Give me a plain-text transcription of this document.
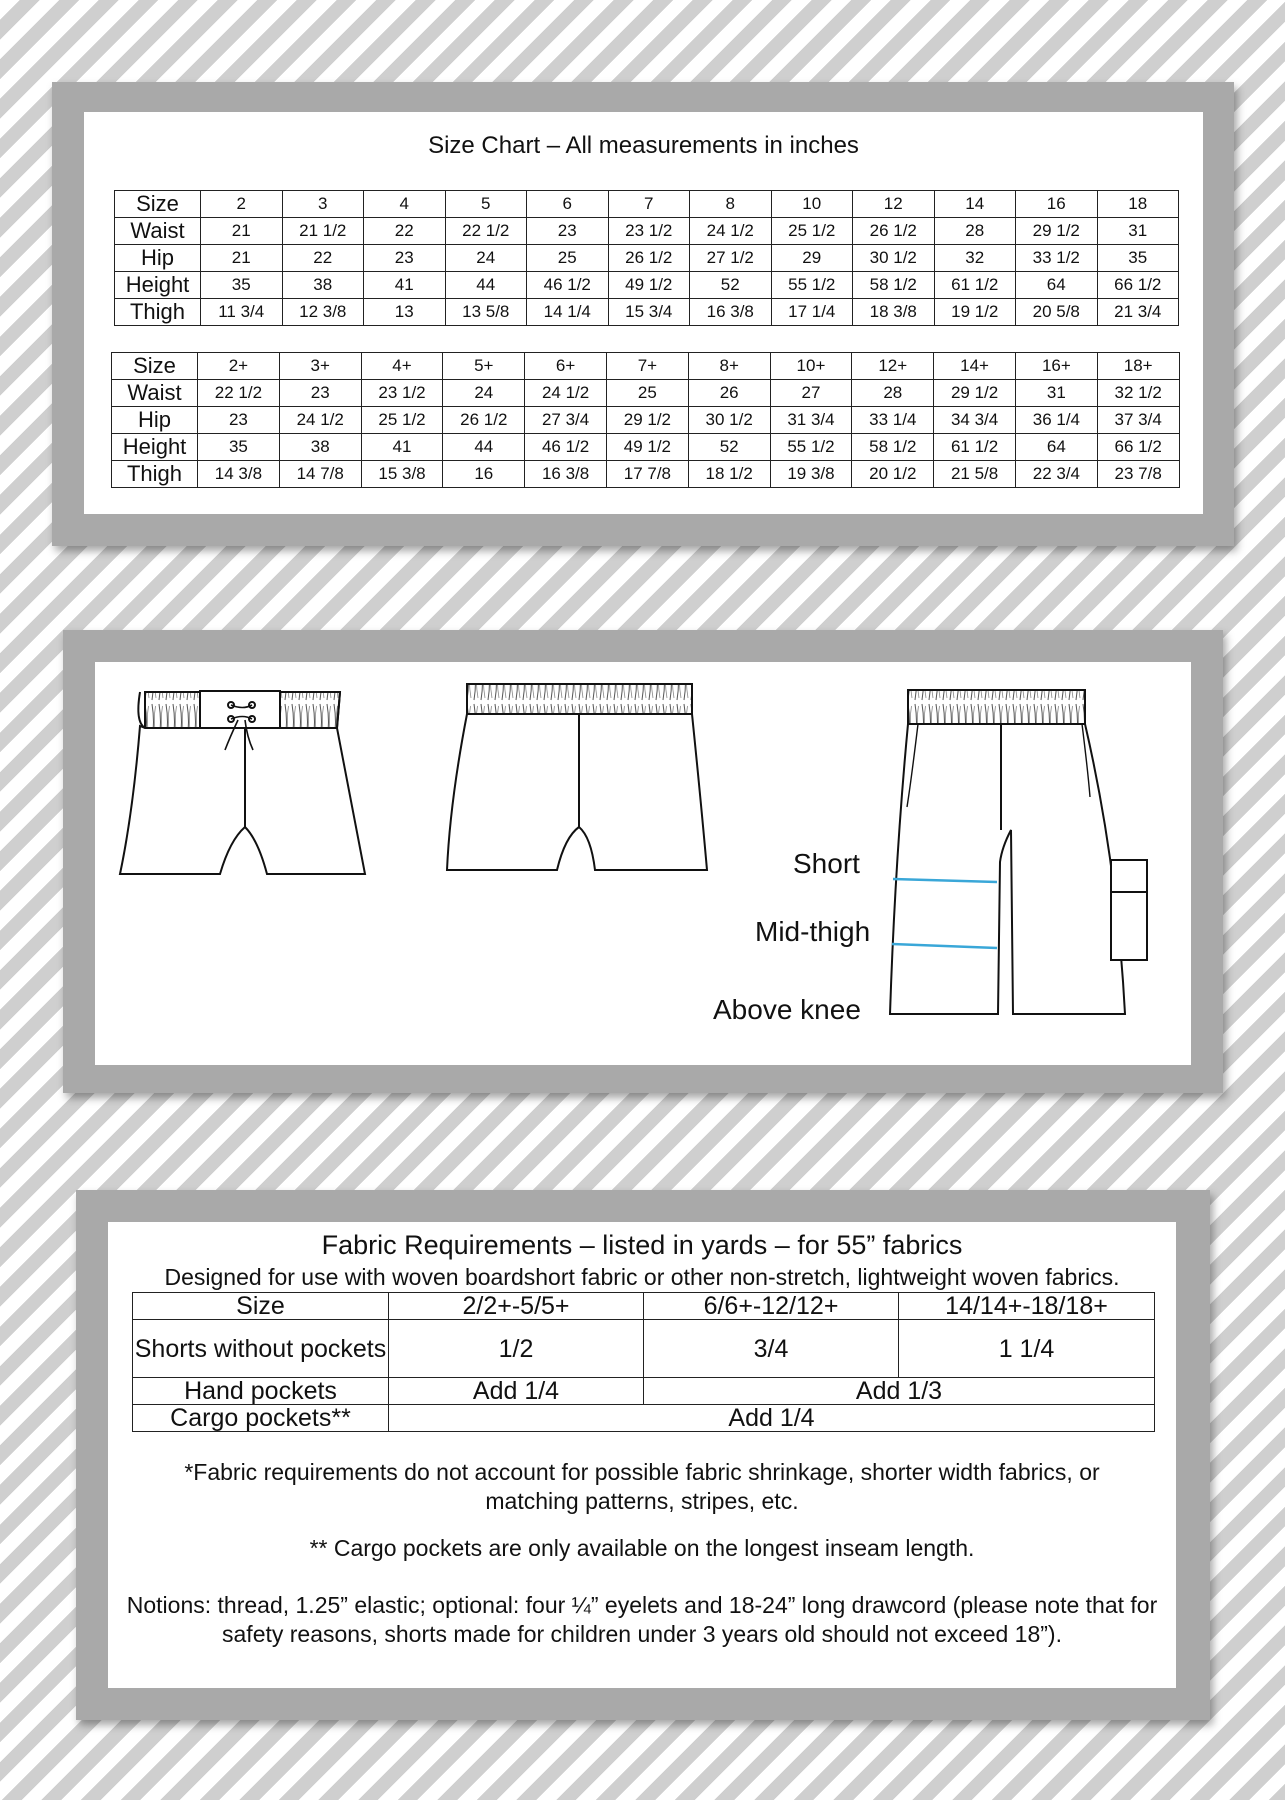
Size Chart – All measurements in inches
Size	2	3	4	5	6	7	8	10	12	14	16	18
Waist	21	21 1/2	22	22 1/2	23	23 1/2	24 1/2	25 1/2	26 1/2	28	29 1/2	31
Hip	21	22	23	24	25	26 1/2	27 1/2	29	30 1/2	32	33 1/2	35
Height	35	38	41	44	46 1/2	49 1/2	52	55 1/2	58 1/2	61 1/2	64	66 1/2
Thigh	11 3/4	12 3/8	13	13 5/8	14 1/4	15 3/4	16 3/8	17 1/4	18 3/8	19 1/2	20 5/8	21 3/4
Size	2+	3+	4+	5+	6+	7+	8+	10+	12+	14+	16+	18+
Waist	22 1/2	23	23 1/2	24	24 1/2	25	26	27	28	29 1/2	31	32 1/2
Hip	23	24 1/2	25 1/2	26 1/2	27 3/4	29 1/2	30 1/2	31 3/4	33 1/4	34 3/4	36 1/4	37 3/4
Height	35	38	41	44	46 1/2	49 1/2	52	55 1/2	58 1/2	61 1/2	64	66 1/2
Thigh	14 3/8	14 7/8	15 3/8	16	16 3/8	17 7/8	18 1/2	19 3/8	20 1/2	21 5/8	22 3/4	23 7/8
Short
Mid-thigh
Above knee
Fabric Requirements – listed in yards – for 55” fabrics
Designed for use with woven boardshort fabric or other non-stretch, lightweight woven fabrics.
Size	2/2+-5/5+	6/6+-12/12+	14/14+-18/18+
Shorts without pockets	1/2	3/4	1 1/4
Hand pockets	Add 1/4	Add 1/3	
Cargo pockets**	Add 1/4		
*Fabric requirements do not account for possible fabric shrinkage, shorter width fabrics, or matching patterns, stripes, etc.
** Cargo pockets are only available on the longest inseam length.
Notions: thread, 1.25” elastic; optional: four ¼” eyelets and 18-24” long drawcord (please note that for safety reasons, shorts made for children under 3 years old should not exceed 18”).
